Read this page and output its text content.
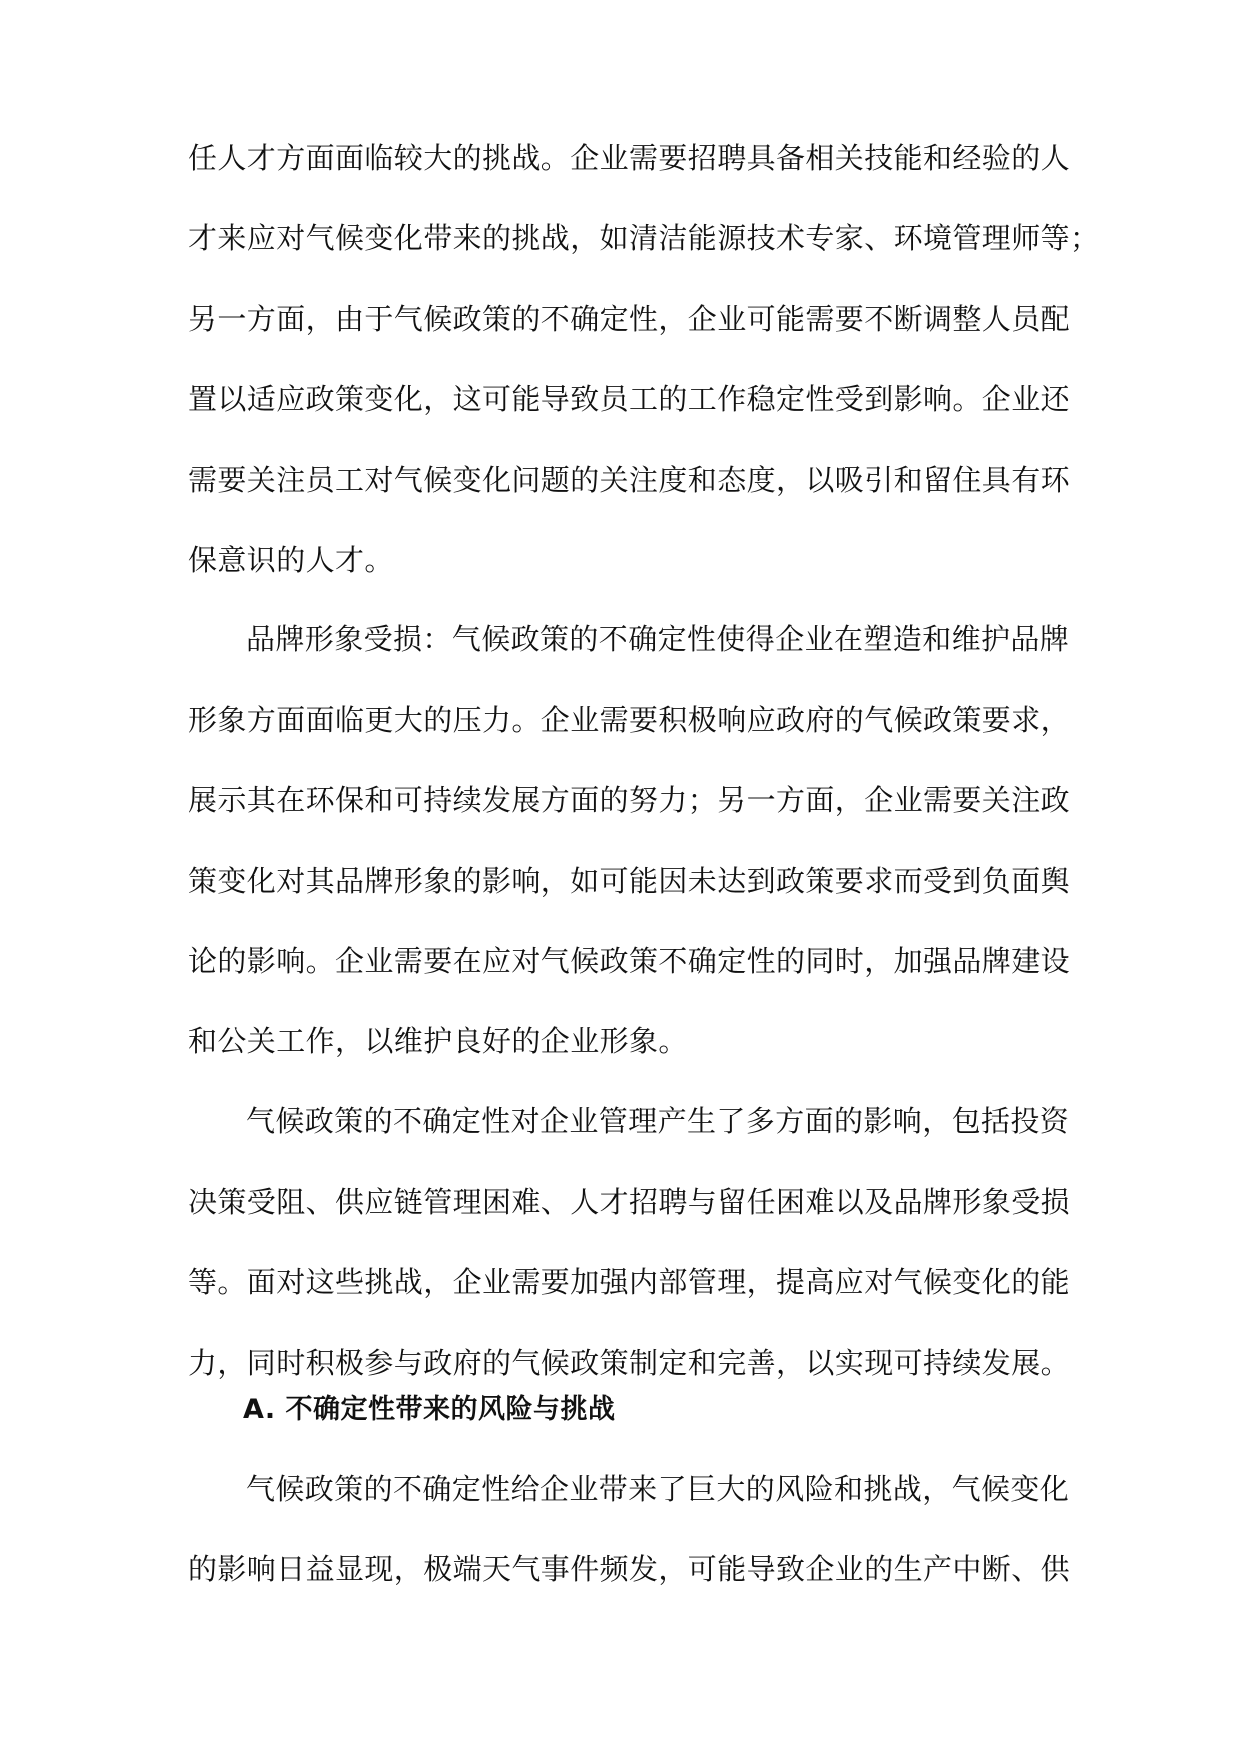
任人才方面面临较大的挑战。企业需要招聘具备相关技能和经验的人
才来应对气候变化带来的挑战，如清洁能源技术专家、环境管理师等；
另一方面，由于气候政策的不确定性，企业可能需要不断调整人员配
置以适应政策变化，这可能导致员工的工作稳定性受到影响。企业还
需要关注员工对气候变化问题的关注度和态度，以吸引和留住具有环
保意识的人才。
品牌形象受损：气候政策的不确定性使得企业在塑造和维护品牌
形象方面面临更大的压力。企业需要积极响应政府的气候政策要求，
展示其在环保和可持续发展方面的努力；另一方面，企业需要关注政
策变化对其品牌形象的影响，如可能因未达到政策要求而受到负面舆
论的影响。企业需要在应对气候政策不确定性的同时，加强品牌建设
和公关工作，以维护良好的企业形象。
气候政策的不确定性对企业管理产生了多方面的影响，包括投资
决策受阻、供应链管理困难、人才招聘与留任困难以及品牌形象受损
等。面对这些挑战，企业需要加强内部管理，提高应对气候变化的能
力，同时积极参与政府的气候政策制定和完善，以实现可持续发展。
A. 不确定性带来的风险与挑战
气候政策的不确定性给企业带来了巨大的风险和挑战，气候变化
的影响日益显现，极端天气事件频发，可能导致企业的生产中断、供
